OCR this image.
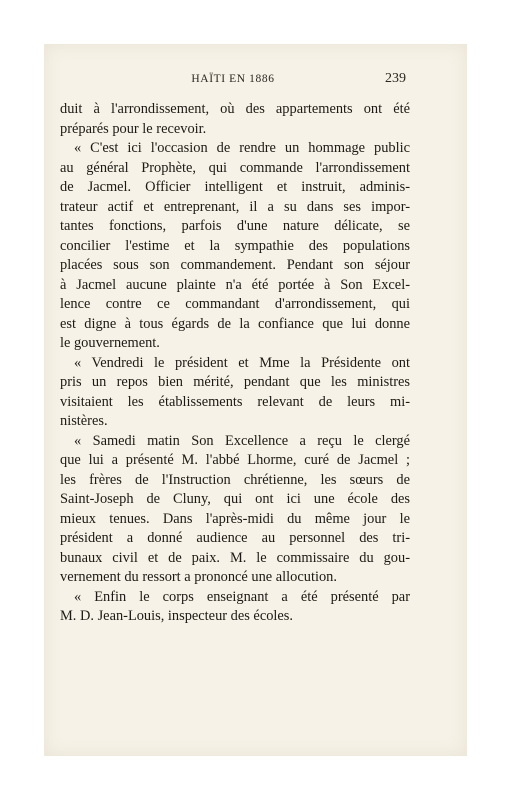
HAÏTI EN 1886	239
duit à l'arrondissement, où des appartements ont été
préparés pour le recevoir.
« C'est ici l'occasion de rendre un hommage public
au général Prophète, qui commande l'arrondissement
de Jacmel. Officier intelligent et instruit, adminis-
trateur actif et entreprenant, il a su dans ses impor-
tantes fonctions, parfois d'une nature délicate, se
concilier l'estime et la sympathie des populations
placées sous son commandement. Pendant son séjour
à Jacmel aucune plainte n'a été portée à Son Excel-
lence contre ce commandant d'arrondissement, qui
est digne à tous égards de la confiance que lui donne
le gouvernement.
« Vendredi le président et Mme la Présidente ont
pris un repos bien mérité, pendant que les ministres
visitaient les établissements relevant de leurs mi-
nistères.
« Samedi matin Son Excellence a reçu le clergé
que lui a présenté M. l'abbé Lhorme, curé de Jacmel ;
les frères de l'Instruction chrétienne, les sœurs de
Saint-Joseph de Cluny, qui ont ici une école des
mieux tenues. Dans l'après-midi du même jour le
président a donné audience au personnel des tri-
bunaux civil et de paix. M. le commissaire du gou-
vernement du ressort a prononcé une allocution.
« Enfin le corps enseignant a été présenté par
M. D. Jean-Louis, inspecteur des écoles.
